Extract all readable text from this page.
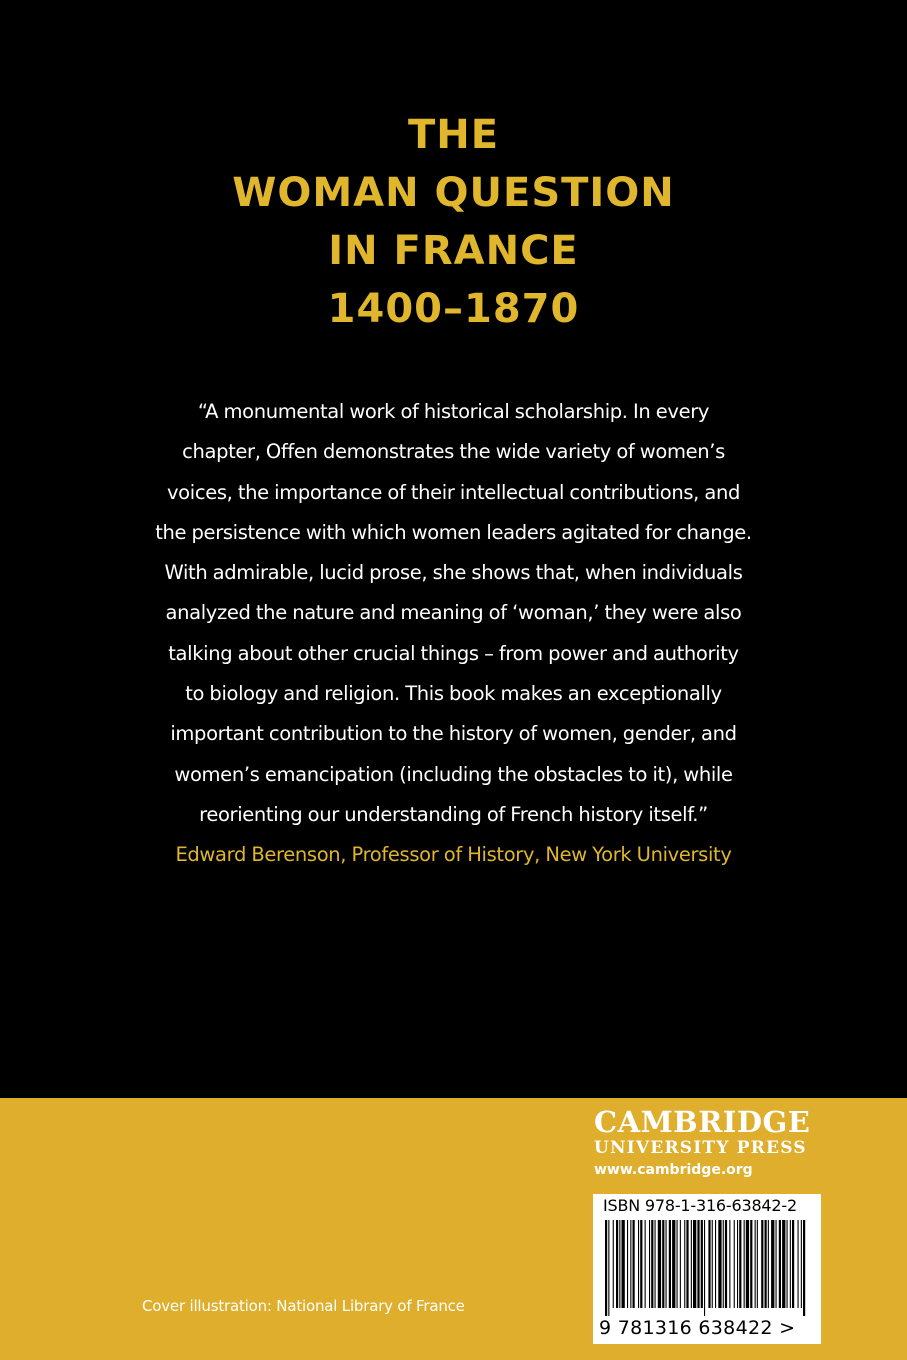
THE
WOMAN QUESTION
IN FRANCE
1400–1870
“A monumental work of historical scholarship. In every
chapter, Offen demonstrates the wide variety of women’s
voices, the importance of their intellectual contributions, and
the persistence with which women leaders agitated for change.
With admirable, lucid prose, she shows that, when individuals
analyzed the nature and meaning of ‘woman,’ they were also
talking about other crucial things – from power and authority
to biology and religion. This book makes an exceptionally
important contribution to the history of women, gender, and
women’s emancipation (including the obstacles to it), while
reorienting our understanding of French history itself.”
Edward Berenson, Professor of History, New York University
CAMBRIDGE
UNIVERSITY PRESS
www.cambridge.org
ISBN 978-1-316-63842-2
9 781316 638422 >
Cover illustration: National Library of France
